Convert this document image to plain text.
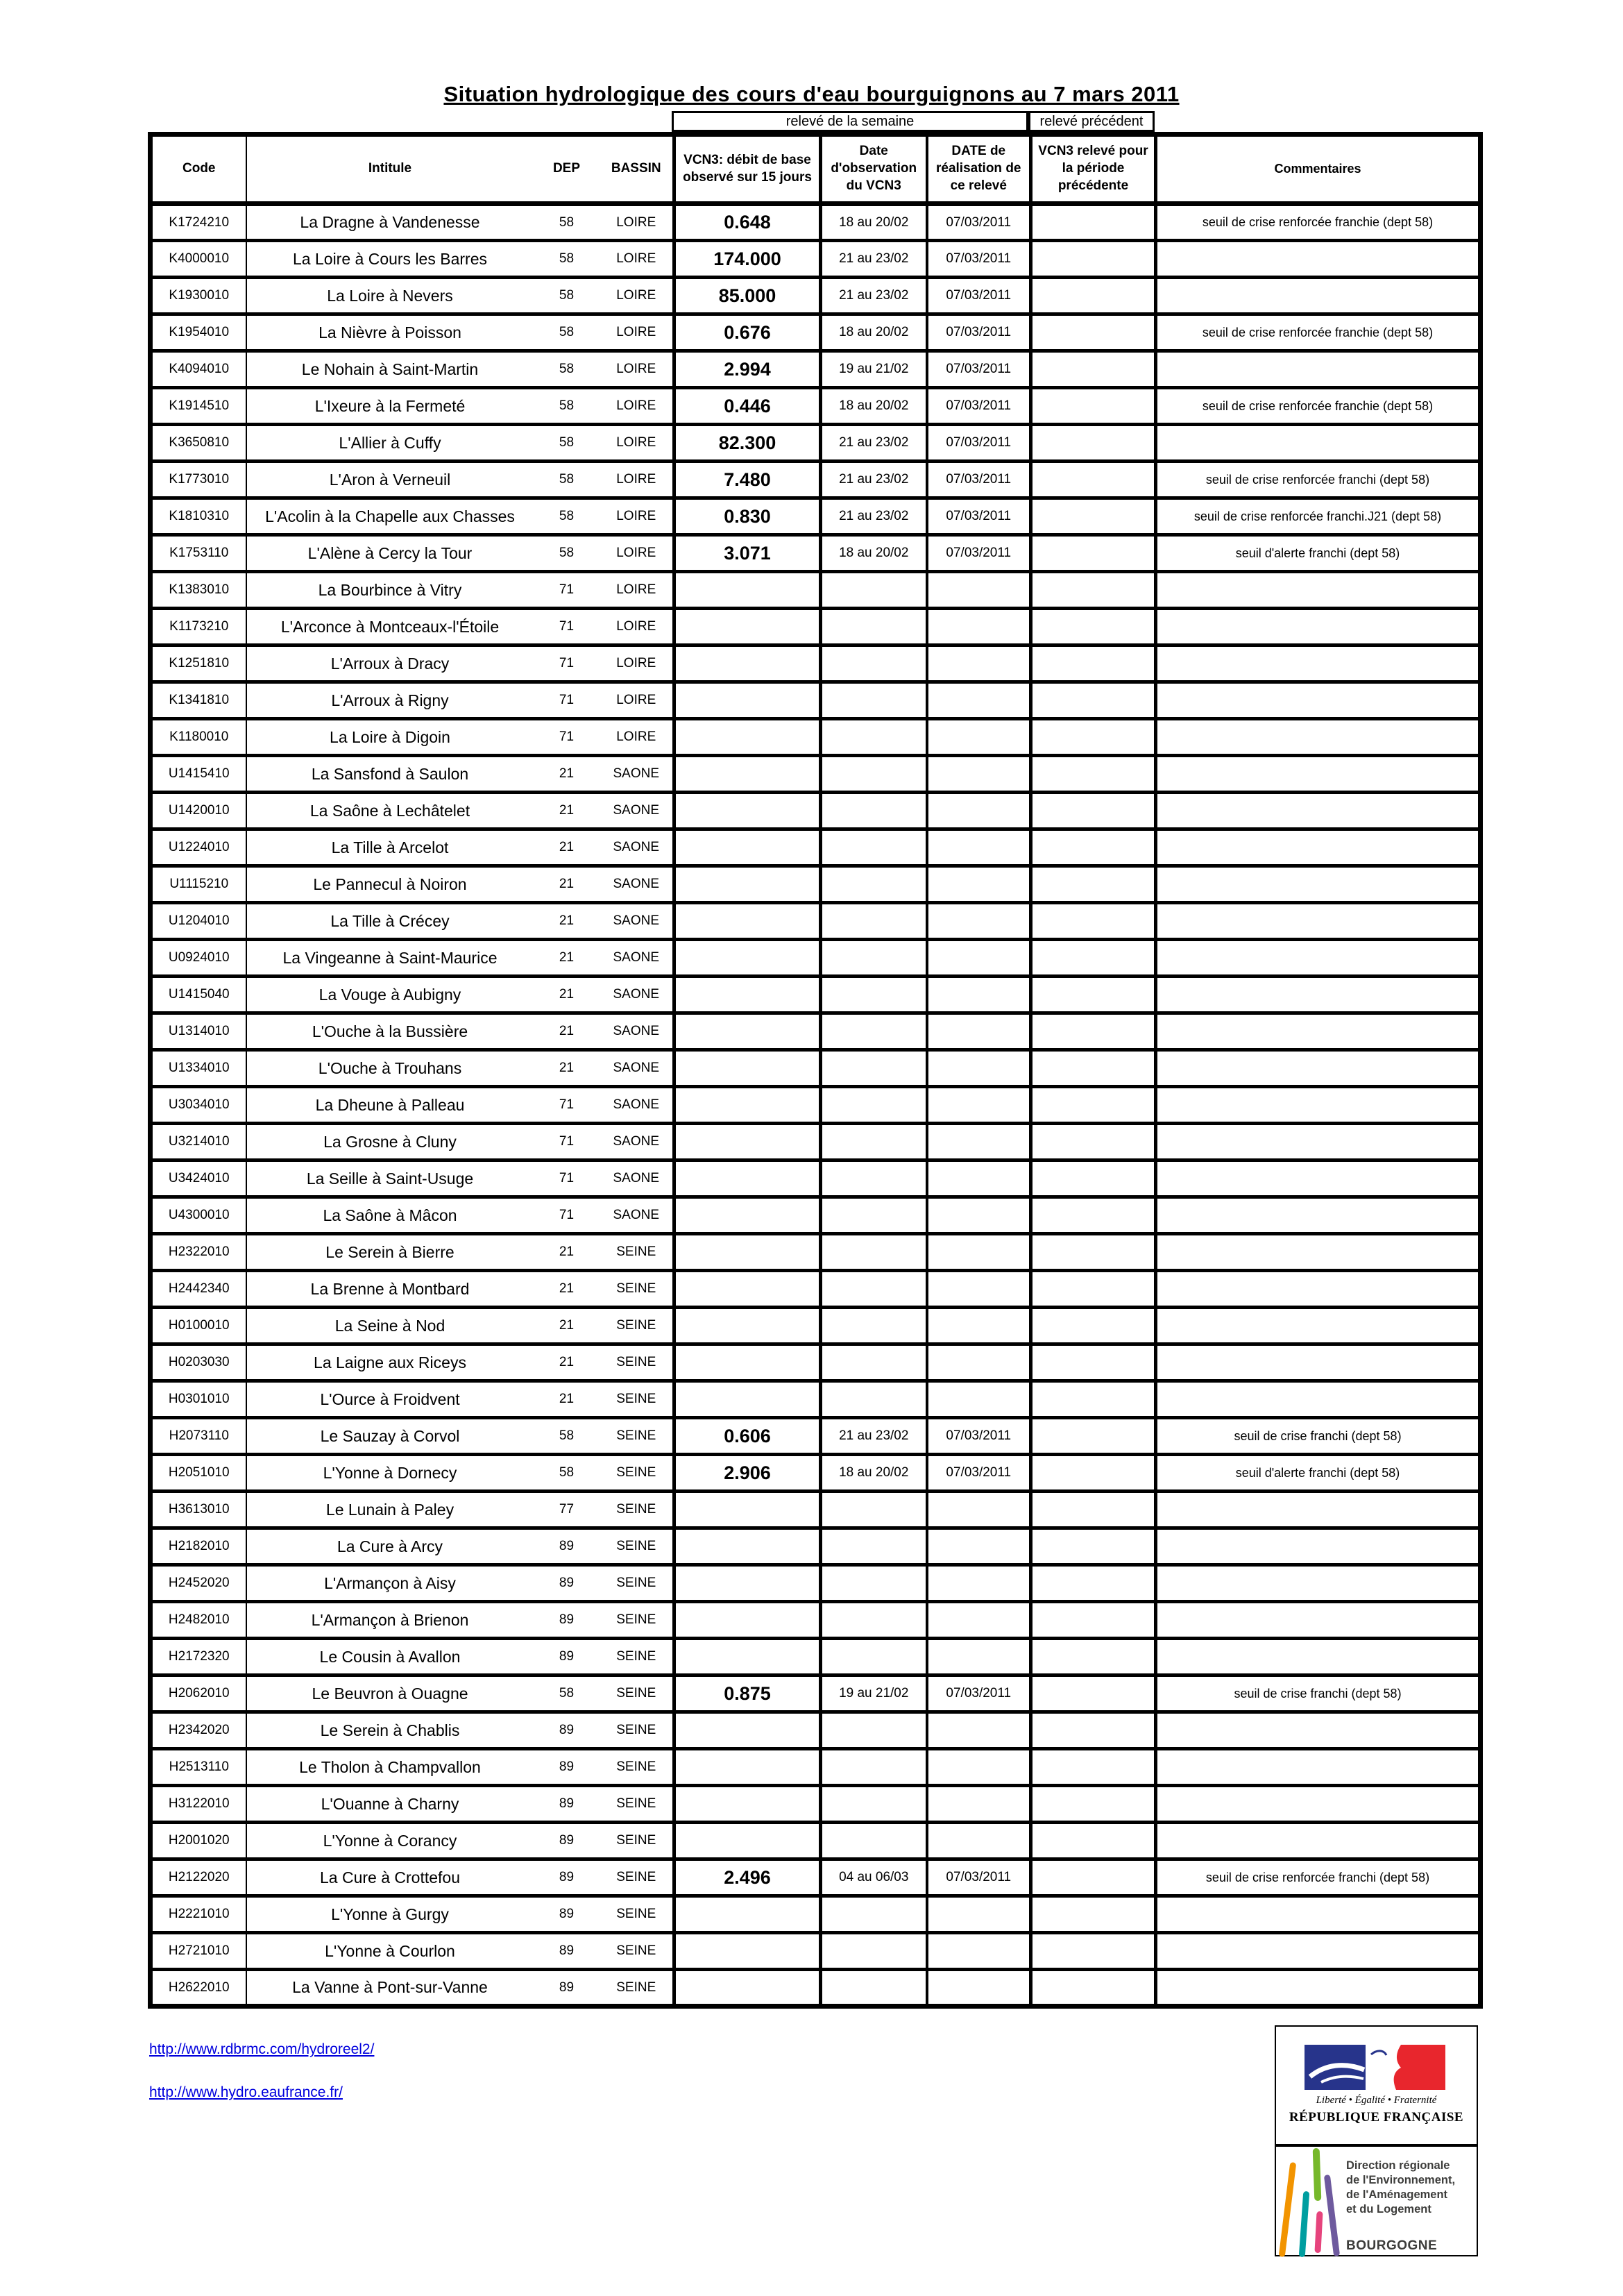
Situation hydrologique des cours d'eau bourguignons au 7 mars 2011
relevé de la semaine	relevé précédent
Code	Intitule	DEP	BASSIN	VCN3: débit de base observé sur 15 jours	Date d'observation du VCN3	DATE de réalisation de ce relevé	VCN3 relevé pour la période précédente	Commentaires
K1724210	La Dragne à Vandenesse	58	LOIRE	0.648	18 au 20/02	07/03/2011		seuil de crise renforcée franchie (dept 58)
K4000010	La Loire à Cours les Barres	58	LOIRE	174.000	21 au 23/02	07/03/2011		
K1930010	La Loire à Nevers	58	LOIRE	85.000	21 au 23/02	07/03/2011		
K1954010	La Nièvre à Poisson	58	LOIRE	0.676	18 au 20/02	07/03/2011		seuil de crise renforcée franchie (dept 58)
K4094010	Le Nohain à Saint-Martin	58	LOIRE	2.994	19 au 21/02	07/03/2011		
K1914510	L'Ixeure à la Fermeté	58	LOIRE	0.446	18 au 20/02	07/03/2011		seuil de crise renforcée franchie (dept 58)
K3650810	L'Allier à Cuffy	58	LOIRE	82.300	21 au 23/02	07/03/2011		
K1773010	L'Aron à Verneuil	58	LOIRE	7.480	21 au 23/02	07/03/2011		seuil de crise renforcée franchi (dept 58)
K1810310	L'Acolin à la Chapelle aux Chasses	58	LOIRE	0.830	21 au 23/02	07/03/2011		seuil de crise renforcée franchi.J21 (dept 58)
K1753110	L'Alène à Cercy la Tour	58	LOIRE	3.071	18 au 20/02	07/03/2011		seuil d'alerte franchi (dept 58)
K1383010	La Bourbince à Vitry	71	LOIRE					
K1173210	L'Arconce à Montceaux-l'Étoile	71	LOIRE					
K1251810	L'Arroux à Dracy	71	LOIRE					
K1341810	L'Arroux à Rigny	71	LOIRE					
K1180010	La Loire à Digoin	71	LOIRE					
U1415410	La Sansfond à Saulon	21	SAONE					
U1420010	La Saône à Lechâtelet	21	SAONE					
U1224010	La Tille à Arcelot	21	SAONE					
U1115210	Le Pannecul à Noiron	21	SAONE					
U1204010	La Tille à Crécey	21	SAONE					
U0924010	La Vingeanne à Saint-Maurice	21	SAONE					
U1415040	La Vouge à Aubigny	21	SAONE					
U1314010	L'Ouche à la Bussière	21	SAONE					
U1334010	L'Ouche à Trouhans	21	SAONE					
U3034010	La Dheune à Palleau	71	SAONE					
U3214010	La Grosne à Cluny	71	SAONE					
U3424010	La Seille à Saint-Usuge	71	SAONE					
U4300010	La Saône à Mâcon	71	SAONE					
H2322010	Le Serein à Bierre	21	SEINE					
H2442340	La Brenne à Montbard	21	SEINE					
H0100010	La Seine à Nod	21	SEINE					
H0203030	La Laigne aux Riceys	21	SEINE					
H0301010	L'Ource à Froidvent	21	SEINE					
H2073110	Le Sauzay à Corvol	58	SEINE	0.606	21 au 23/02	07/03/2011		seuil de crise franchi (dept 58)
H2051010	L'Yonne à Dornecy	58	SEINE	2.906	18 au 20/02	07/03/2011		seuil d'alerte franchi (dept 58)
H3613010	Le Lunain à Paley	77	SEINE					
H2182010	La Cure à Arcy	89	SEINE					
H2452020	L'Armançon à Aisy	89	SEINE					
H2482010	L'Armançon à Brienon	89	SEINE					
H2172320	Le Cousin à Avallon	89	SEINE					
H2062010	Le Beuvron à Ouagne	58	SEINE	0.875	19 au 21/02	07/03/2011		seuil de crise franchi (dept 58)
H2342020	Le Serein à Chablis	89	SEINE					
H2513110	Le Tholon à Champvallon	89	SEINE					
H3122010	L'Ouanne à Charny	89	SEINE					
H2001020	L'Yonne à Corancy	89	SEINE					
H2122020	La Cure à Crottefou	89	SEINE	2.496	04 au 06/03	07/03/2011		seuil de crise renforcée franchi (dept 58)
H2221010	L'Yonne à Gurgy	89	SEINE					
H2721010	L'Yonne à Courlon	89	SEINE					
H2622010	La Vanne à Pont-sur-Vanne	89	SEINE					
http://www.rdbrmc.com/hydroreel2/
http://www.hydro.eaufrance.fr/	Liberté • Égalité • Fraternité
RÉPUBLIQUE FRANÇAISE
Direction régionale
de l'Environnement,
de l'Aménagement
et du Logement
BOURGOGNE
